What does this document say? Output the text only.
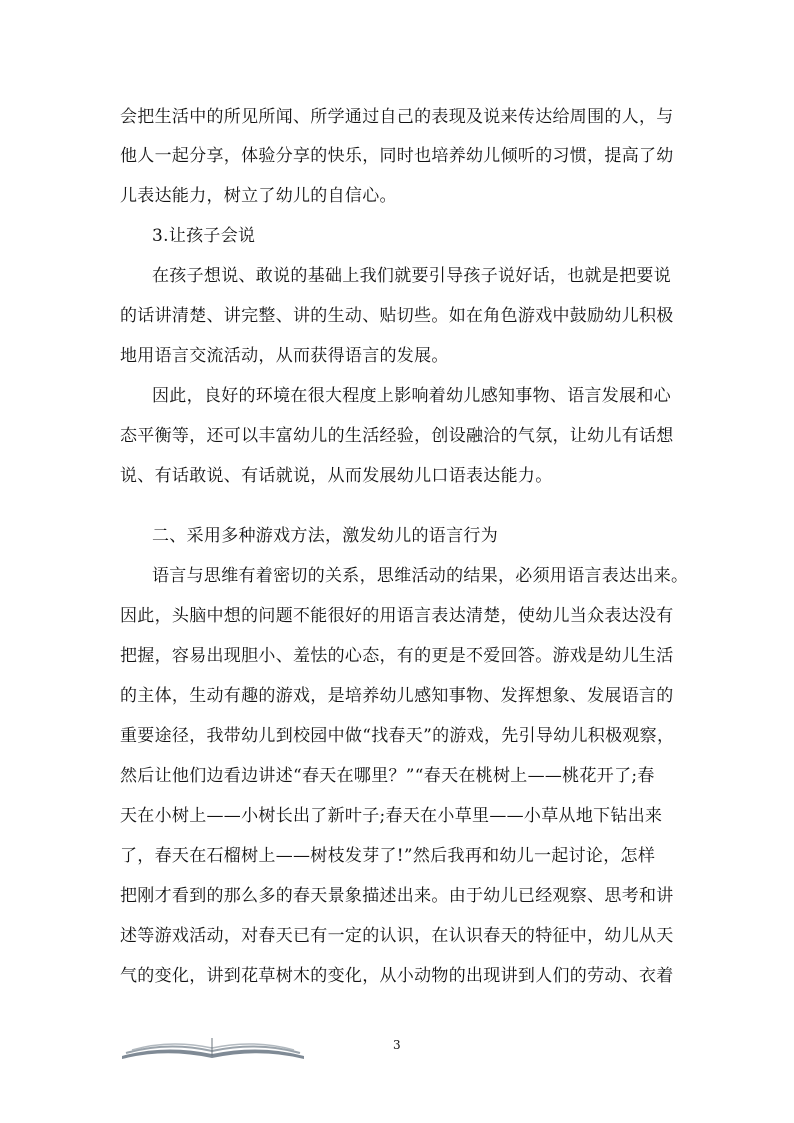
会把生活中的所见所闻、所学通过自己的表现及说来传达给周围的人，与
他人一起分享，体验分享的快乐，同时也培养幼儿倾听的习惯，提高了幼
儿表达能力，树立了幼儿的自信心。
3.让孩子会说
在孩子想说、敢说的基础上我们就要引导孩子说好话，也就是把要说
的话讲清楚、讲完整、讲的生动、贴切些。如在角色游戏中鼓励幼儿积极
地用语言交流活动，从而获得语言的发展。
因此，良好的环境在很大程度上影响着幼儿感知事物、语言发展和心
态平衡等，还可以丰富幼儿的生活经验，创设融洽的气氛，让幼儿有话想
说、有话敢说、有话就说，从而发展幼儿口语表达能力。
二、采用多种游戏方法，激发幼儿的语言行为
语言与思维有着密切的关系，思维活动的结果，必须用语言表达出来。
因此，头脑中想的问题不能很好的用语言表达清楚，使幼儿当众表达没有
把握，容易出现胆小、羞怯的心态，有的更是不爱回答。游戏是幼儿生活
的主体，生动有趣的游戏，是培养幼儿感知事物、发挥想象、发展语言的
重要途径，我带幼儿到校园中做“找春天”的游戏，先引导幼儿积极观察，
然后让他们边看边讲述“春天在哪里？”“春天在桃树上——桃花开了;春
天在小树上——小树长出了新叶子;春天在小草里——小草从地下钻出来
了，春天在石榴树上——树枝发芽了!”然后我再和幼儿一起讨论，怎样
把刚才看到的那么多的春天景象描述出来。由于幼儿已经观察、思考和讲
述等游戏活动，对春天已有一定的认识，在认识春天的特征中，幼儿从天
气的变化，讲到花草树木的变化，从小动物的出现讲到人们的劳动、衣着
3
